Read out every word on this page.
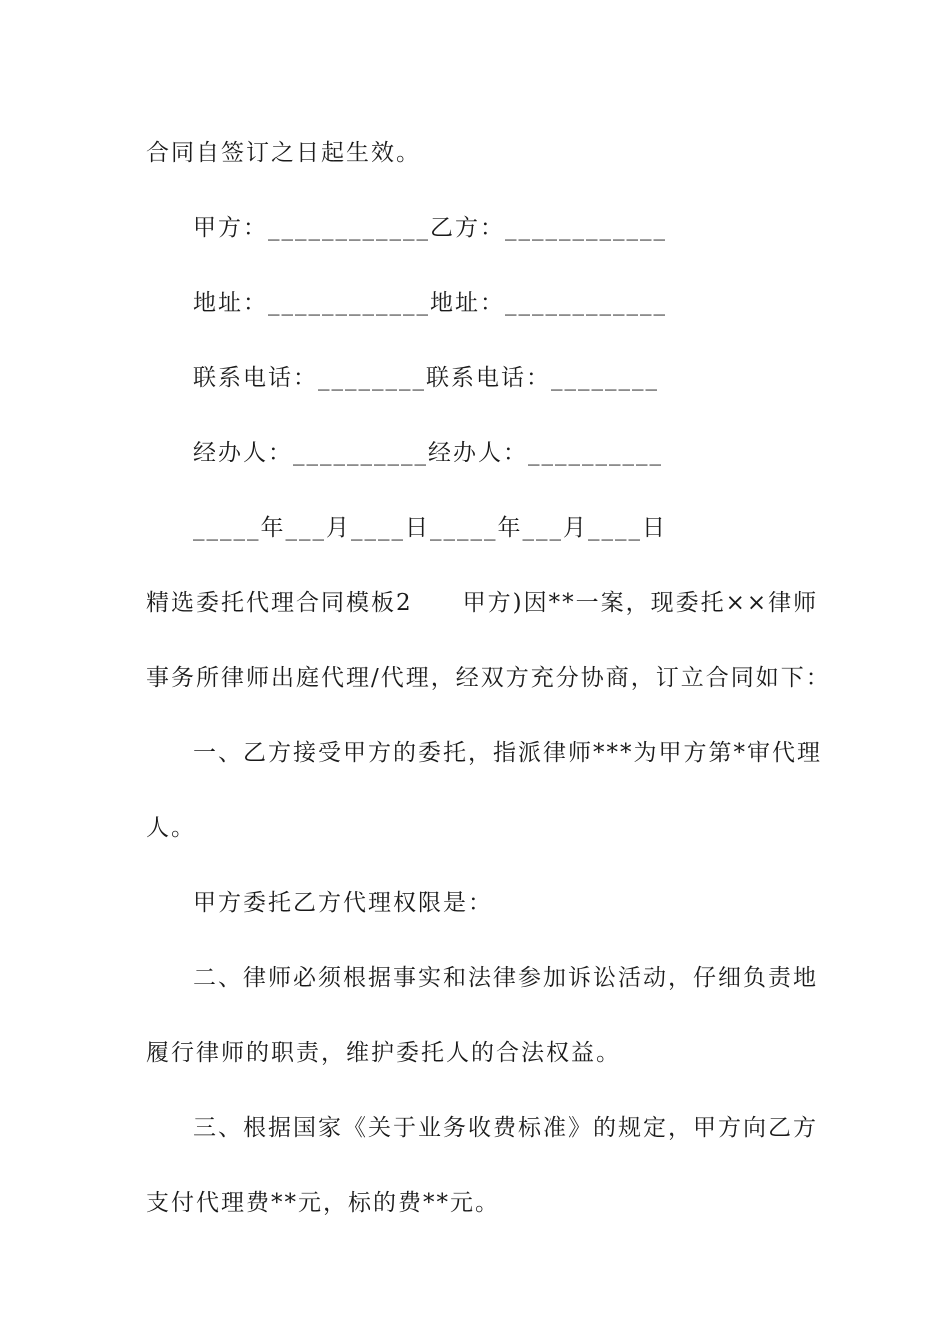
合同自签订之日起生效。
甲方：____________乙方：____________
地址：____________地址：____________
联系电话：________联系电话：________
经办人：__________经办人：__________
_____年___月____日_____年___月____日
精选委托代理合同模板2　　甲方)因**一案，现委托××律师
事务所律师出庭代理/代理，经双方充分协商，订立合同如下：
一、乙方接受甲方的委托，指派律师***为甲方第*审代理
人。
甲方委托乙方代理权限是：
二、律师必须根据事实和法律参加诉讼活动，仔细负责地
履行律师的职责，维护委托人的合法权益。
三、根据国家《关于业务收费标准》的规定，甲方向乙方
支付代理费**元，标的费**元。
